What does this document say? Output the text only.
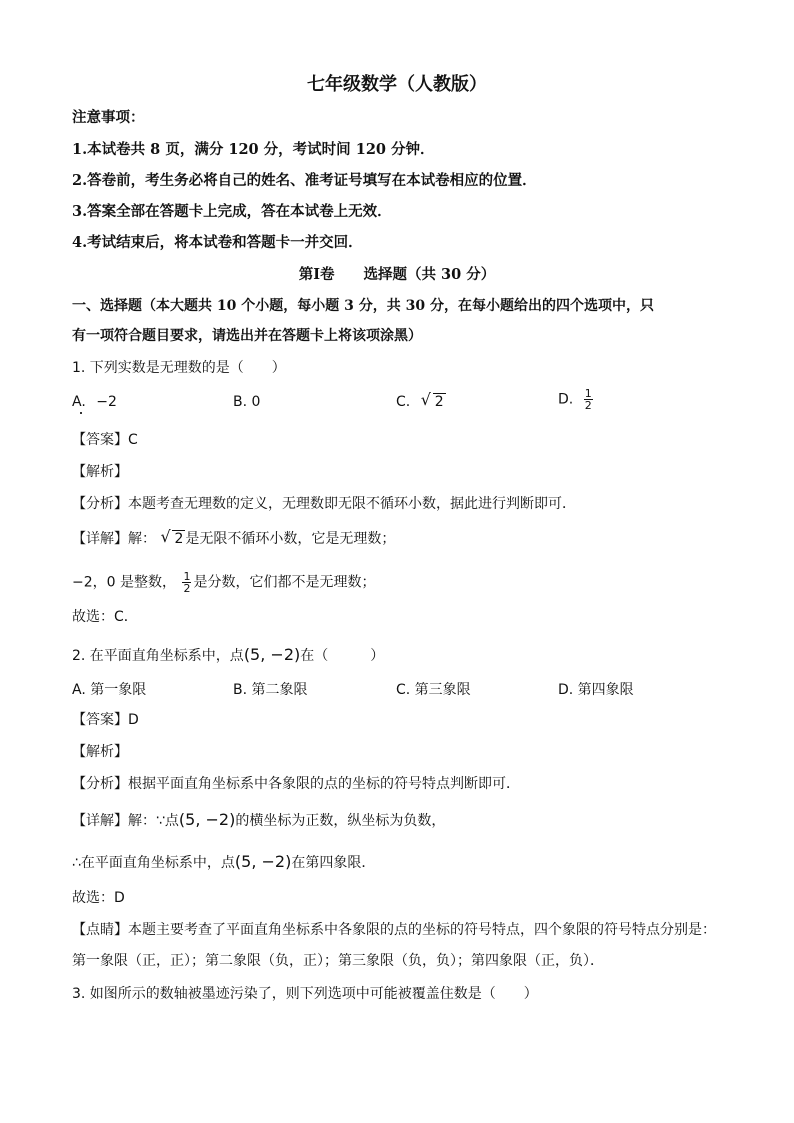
七年级数学（人教版）
注意事项：
1.本试卷共 8 页，满分 120 分，考试时间 120 分钟．
2.答卷前，考生务必将自己的姓名、准考证号填写在本试卷相应的位置．
3.答案全部在答题卡上完成，答在本试卷上无效．
4.考试结束后，将本试卷和答题卡一并交回．
第Ⅰ卷　　选择题（共 30 分）
一、选择题（本大题共 10 个小题，每小题 3 分，共 30 分，在每小题给出的四个选项中，只
有一项符合题目要求，请选出并在答题卡上将该项涂黑）
1. 下列实数是无理数的是（　　）
A. −2	B. 0	C. √ 2	D. $\frac{1}{2}$
【答案】C
【解析】
【分析】本题考查无理数的定义，无理数即无限不循环小数，据此进行判断即可．
【详解】解： √ 2 是无限不循环小数，它是无理数；
−2，0 是整数， $\frac{1}{2}$ 是分数，它们都不是无理数；
故选：C．
2. 在平面直角坐标系中，点(5, −2)在（　　　）
A. 第一象限	B. 第二象限	C. 第三象限	D. 第四象限
【答案】D
【解析】
【分析】根据平面直角坐标系中各象限的点的坐标的符号特点判断即可．
【详解】解：∵点(5, −2)的横坐标为正数，纵坐标为负数，
∴在平面直角坐标系中，点(5, −2)在第四象限．
故选：D
【点睛】本题主要考查了平面直角坐标系中各象限的点的坐标的符号特点，四个象限的符号特点分别是：
第一象限（正，正）；第二象限（负，正）；第三象限（负，负）；第四象限（正，负）．
3. 如图所示的数轴被墨迹污染了，则下列选项中可能被覆盖住数是（　　）
